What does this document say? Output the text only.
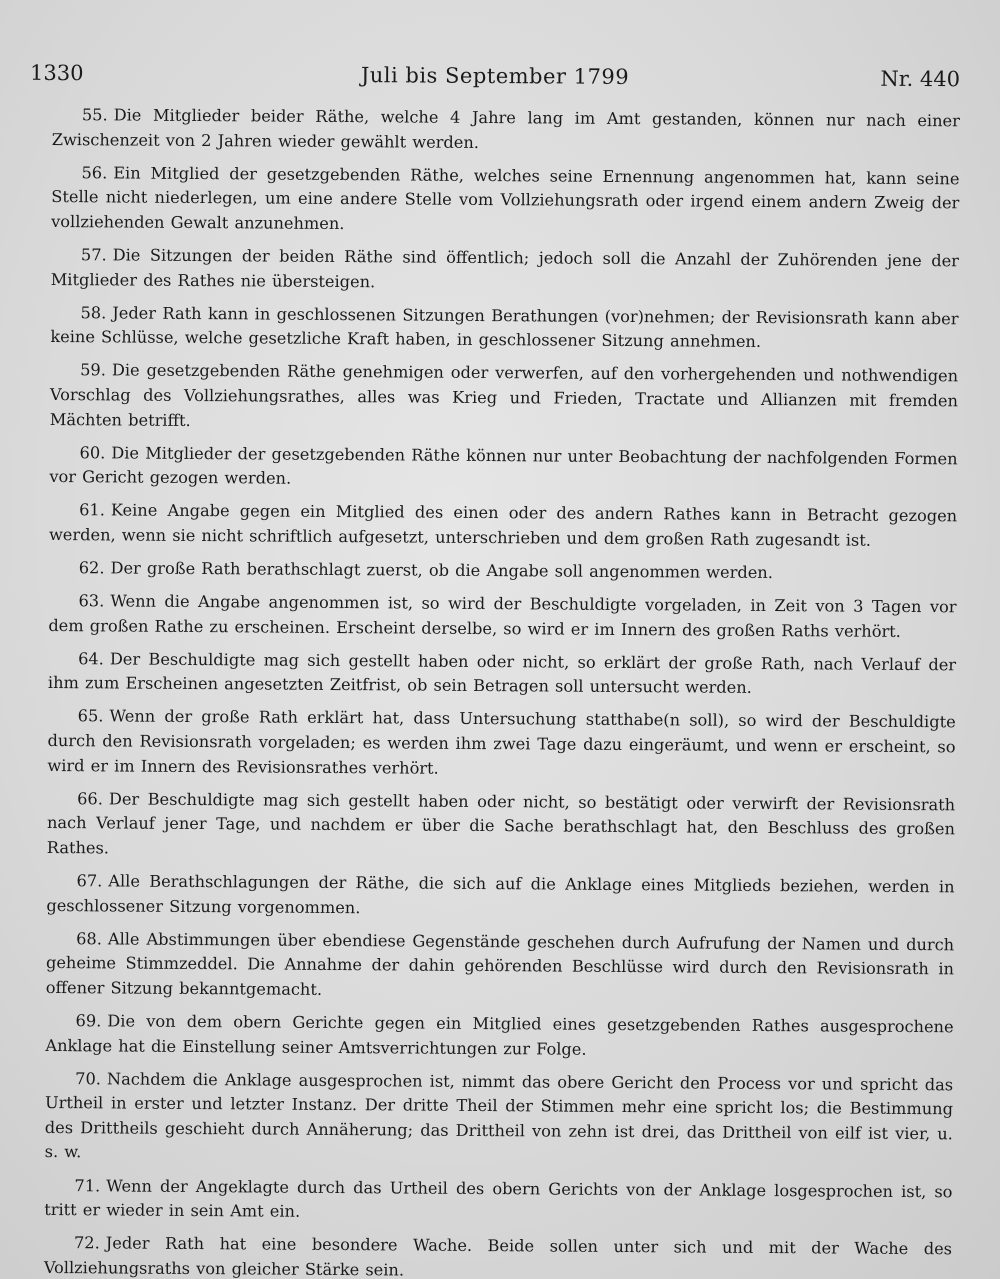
1330	Juli bis September 1799	Nr. 440

55. Die Mitglieder beider Räthe, welche 4 Jahre lang im Amt gestanden, können nur nach einer Zwischenzeit von 2 Jahren wieder gewählt werden.

56. Ein Mitglied der gesetzgebenden Räthe, welches seine Ernennung angenommen hat, kann seine Stelle nicht niederlegen, um eine andere Stelle vom Vollziehungsrath oder irgend einem andern Zweig der vollziehenden Gewalt anzunehmen.

57. Die Sitzungen der beiden Räthe sind öffentlich; jedoch soll die Anzahl der Zuhörenden jene der Mitglieder des Rathes nie übersteigen.

58. Jeder Rath kann in geschlossenen Sitzungen Berathungen (vor)nehmen; der Revisionsrath kann aber keine Schlüsse, welche gesetzliche Kraft haben, in geschlossener Sitzung annehmen.

59. Die gesetzgebenden Räthe genehmigen oder verwerfen, auf den vorhergehenden und nothwendigen Vorschlag des Vollziehungsrathes, alles was Krieg und Frieden, Tractate und Allianzen mit fremden Mächten betrifft.

60. Die Mitglieder der gesetzgebenden Räthe können nur unter Beobachtung der nachfolgenden Formen vor Gericht gezogen werden.

61. Keine Angabe gegen ein Mitglied des einen oder des andern Rathes kann in Betracht gezogen werden, wenn sie nicht schriftlich aufgesetzt, unterschrieben und dem großen Rath zugesandt ist.

62. Der große Rath berathschlagt zuerst, ob die Angabe soll angenommen werden.

63. Wenn die Angabe angenommen ist, so wird der Beschuldigte vorgeladen, in Zeit von 3 Tagen vor dem großen Rathe zu erscheinen. Erscheint derselbe, so wird er im Innern des großen Raths verhört.

64. Der Beschuldigte mag sich gestellt haben oder nicht, so erklärt der große Rath, nach Verlauf der ihm zum Erscheinen angesetzten Zeitfrist, ob sein Betragen soll untersucht werden.

65. Wenn der große Rath erklärt hat, dass Untersuchung statthabe(n soll), so wird der Beschuldigte durch den Revisionsrath vorgeladen; es werden ihm zwei Tage dazu eingeräumt, und wenn er erscheint, so wird er im Innern des Revisionsrathes verhört.

66. Der Beschuldigte mag sich gestellt haben oder nicht, so bestätigt oder verwirft der Revisionsrath nach Verlauf jener Tage, und nachdem er über die Sache berathschlagt hat, den Beschluss des großen Rathes.

67. Alle Berathschlagungen der Räthe, die sich auf die Anklage eines Mitglieds beziehen, werden in geschlossener Sitzung vorgenommen.

68. Alle Abstimmungen über ebendiese Gegenstände geschehen durch Aufrufung der Namen und durch geheime Stimmzeddel. Die Annahme der dahin gehörenden Beschlüsse wird durch den Revisionsrath in offener Sitzung bekanntgemacht.

69. Die von dem obern Gerichte gegen ein Mitglied eines gesetzgebenden Rathes ausgesprochene Anklage hat die Einstellung seiner Amtsverrichtungen zur Folge.

70. Nachdem die Anklage ausgesprochen ist, nimmt das obere Gericht den Process vor und spricht das Urtheil in erster und letzter Instanz. Der dritte Theil der Stimmen mehr eine spricht los; die Bestimmung des Drittheils geschieht durch Annäherung; das Drittheil von zehn ist drei, das Drittheil von eilf ist vier, u. s. w.

71. Wenn der Angeklagte durch das Urtheil des obern Gerichts von der Anklage losgesprochen ist, so tritt er wieder in sein Amt ein.

72. Jeder Rath hat eine besondere Wache. Beide sollen unter sich und mit der Wache des Vollziehungsraths von gleicher Stärke sein.
